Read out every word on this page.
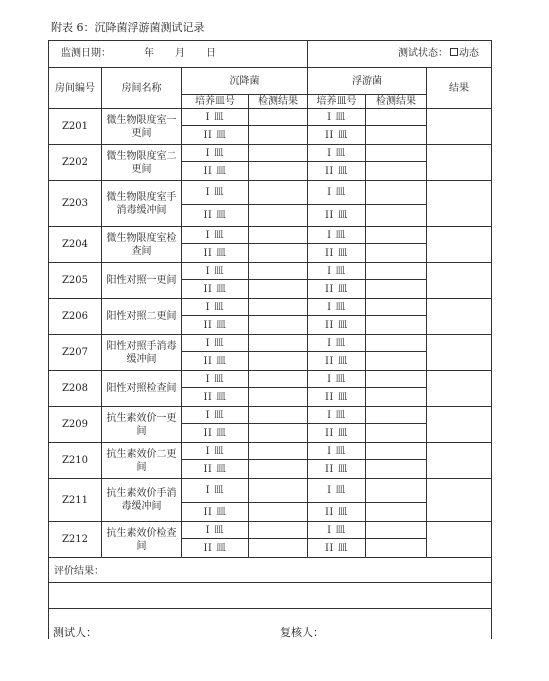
附表 6：沉降菌浮游菌测试记录
监测日期： 年 月 日				测试状态： 动态		

房间编号	房间名称	沉降菌		浮游菌		结果
		培养皿号	检测结果	培养皿号	检测结果	
Z201	微生物限度室一更间	I 皿		I 皿		
		II 皿		II 皿		
Z202	微生物限度室二更间	I 皿		I 皿		
		II 皿		II 皿		
Z203	微生物限度室手消毒缓冲间	I 皿		I 皿		
		II 皿		II 皿		
Z204	微生物限度室检查间	I 皿		I 皿		
		II 皿		II 皿		
Z205	阳性对照一更间	I 皿		I 皿		
		II 皿		II 皿		
Z206	阳性对照二更间	I 皿		I 皿		
		II 皿		II 皿		
Z207	阳性对照手消毒缓冲间	I 皿		I 皿		
		II 皿		II 皿		
Z208	阳性对照检查间	I 皿		I 皿		
		II 皿		II 皿		
Z209	抗生素效价一更间	I 皿		I 皿		
		II 皿		II 皿		
Z210	抗生素效价二更间	I 皿		I 皿		
		II 皿		II 皿		
Z211	抗生素效价手消毒缓冲间	I 皿		I 皿		
		II 皿		II 皿		
Z212	抗生素效价检查间	I 皿		I 皿		
		II 皿		II 皿		
评价结果：						

测试人： 复核人：						
